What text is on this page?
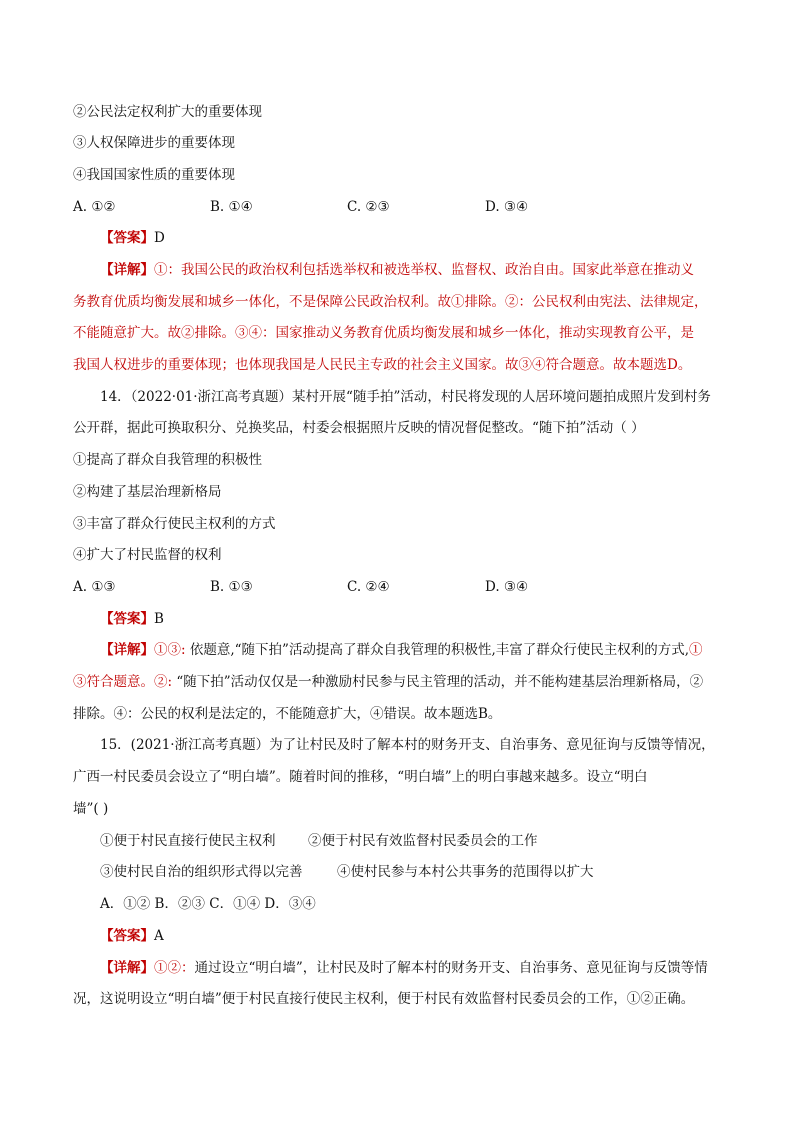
②公民法定权利扩大的重要体现
③人权保障进步的重要体现
④我国国家性质的重要体现
A. ①②	B. ①④	C. ②③	D. ③④
【答案】D
【详解】①：我国公民的政治权利包括选举权和被选举权、监督权、政治自由。国家此举意在推动义
务教育优质均衡发展和城乡一体化，不是保障公民政治权利。故①排除。②：公民权利由宪法、法律规定，
不能随意扩大。故②排除。③④：国家推动义务教育优质均衡发展和城乡一体化，推动实现教育公平，是
我国人权进步的重要体现；也体现我国是人民民主专政的社会主义国家。故③④符合题意。故本题选D。
14．（2022·01·浙江高考真题）某村开展“随手拍”活动，村民将发现的人居环境问题拍成照片发到村务
公开群，据此可换取积分、兑换奖品，村委会根据照片反映的情况督促整改。“随下拍”活动（ ）
①提高了群众自我管理的积极性
②构建了基层治理新格局
③丰富了群众行使民主权利的方式
④扩大了村民监督的权利
A. ①③	B. ①③	C. ②④	D. ③④
【答案】B
【详解】①③: 依题意,“随下拍”活动提高了群众自我管理的积极性,丰富了群众行使民主权利的方式,①
③符合题意。②: “随下拍”活动仅仅是一种激励村民参与民主管理的活动，并不能构建基层治理新格局，②
排除。④：公民的权利是法定的，不能随意扩大，④错误。故本题选B。
15．(2021·浙江高考真题）为了让村民及时了解本村的财务开支、自治事务、意见征询与反馈等情况，
广西一村民委员会设立了“明白墙”。随着时间的推移，“明白墙”上的明白事越来越多。设立“明白
墙”( )
①便于村民直接行使民主权利 ②便于村民有效监督村民委员会的工作
③使村民自治的组织形式得以完善	④使村民参与本村公共事务的范围得以扩大
A．①② B．②③ C．①④ D．③④
【答案】A
【详解】①②：通过设立“明白墙”，让村民及时了解本村的财务开支、自治事务、意见征询与反馈等情
况，这说明设立“明白墙”便于村民直接行使民主权利，便于村民有效监督村民委员会的工作，①②正确。
